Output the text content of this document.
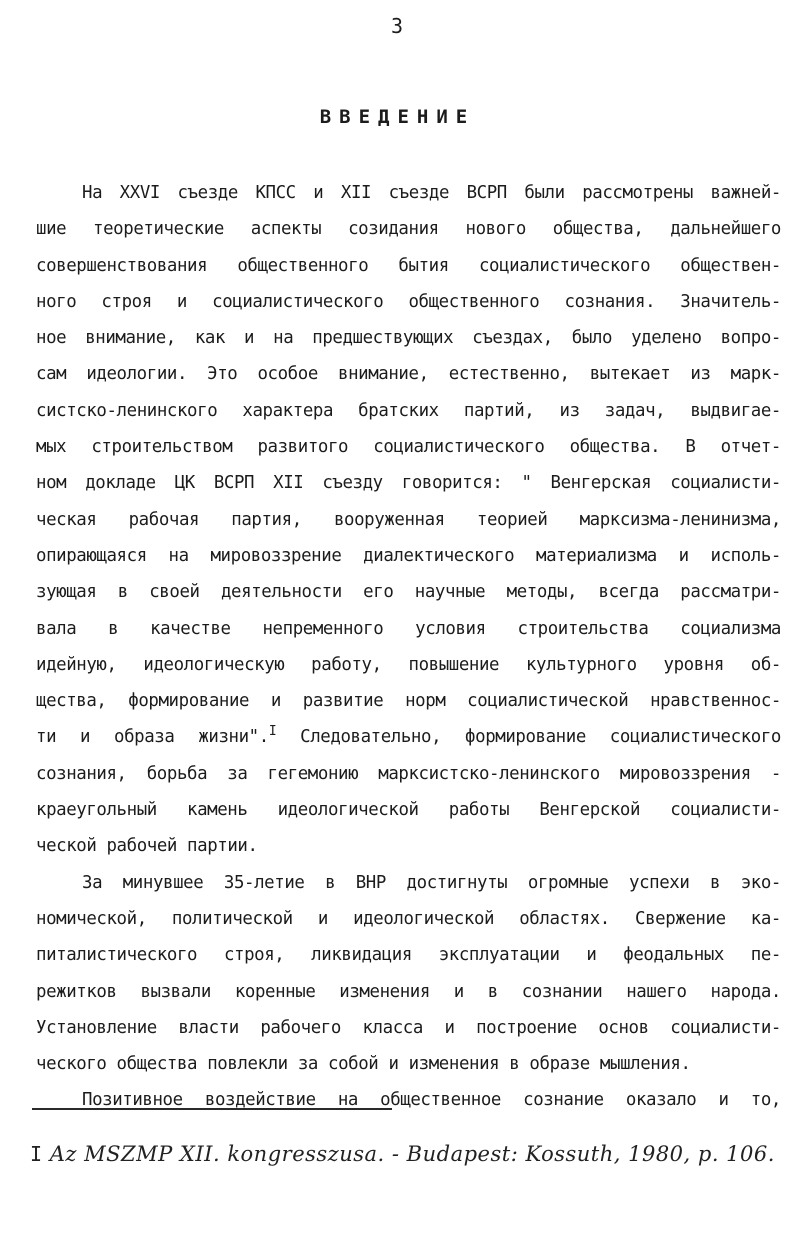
3
ВВЕДЕНИЕ
На ХХVI съезде КПСС и ХII съезде ВСРП были рассмотрены важней-
шие теоретические аспекты созидания нового общества, дальнейшего
совершенствования общественного бытия социалистического обществен-
ного строя и социалистического общественного сознания. Значитель-
ное внимание, как и на предшествующих съездах, было уделено вопро-
сам идеологии. Это особое внимание, естественно, вытекает из марк-
систско-ленинского характера братских партий, из задач, выдвигае-
мых строительством развитого социалистического общества. В отчет-
ном докладе ЦК ВСРП ХII съезду говорится: " Венгерская социалисти-
ческая рабочая партия, вооруженная теорией марксизма-ленинизма,
опирающаяся на мировоззрение диалектического материализма и исполь-
зующая в своей деятельности его научные методы, всегда рассматри-
вала в качестве непременного условия строительства социализма
идейную, идеологическую работу, повышение культурного уровня об-
щества, формирование и развитие норм социалистической нравственнос-
ти и образа жизни".$^I$ Следовательно, формирование социалистического
сознания, борьба за гегемонию марксистско-ленинского мировоззрения -
краеугольный камень идеологической работы Венгерской социалисти-
ческой рабочей партии.
За минувшее 35-летие в ВНР достигнуты огромные успехи в эко-
номической, политической и идеологической областях. Свержение ка-
питалистического строя, ликвидация эксплуатации и феодальных пе-
режитков вызвали коренные изменения и в сознании нашего народа.
Установление власти рабочего класса и построение основ социалисти-
ческого общества повлекли за собой и изменения в образе мышления.
Позитивное воздействие на общественное сознание оказало и то,
I Az MSZMP XII. kongresszusa. - Budapest: Kossuth, 1980, p. 106.
